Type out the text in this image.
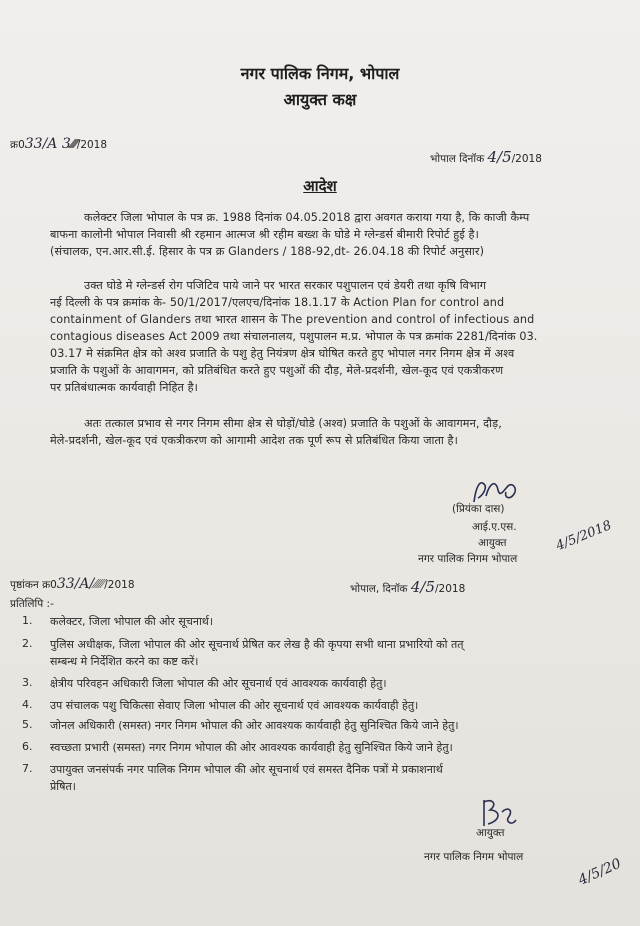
नगर पालिक निगम, भोपाल
आयुक्त कक्ष
क्र033/A 3⁄⁄⁄⁄⁄⁄/2018
भोपाल दिनॉक 4/5/2018
आदेश
कलेक्टर जिला भोपाल के पत्र क्र. 1988 दिनांक 04.05.2018 द्वारा अवगत कराया गया है, कि काजी कैम्प
बाफना कालोनी भोपाल निवासी श्री रहमान आत्मज श्री रहीम बख्श के घोडे मे ग्लेन्डर्स बीमारी रिपोर्ट हुई है।
(संचालक, एन.आर.सी.ई. हिसार के पत्र क्र Glanders / 188-92,dt- 26.04.18 की रिपोर्ट अनुसार)
उक्त घोडे मे ग्लेन्डर्स रोग पजिटिव पाये जाने पर भारत सरकार पशुपालन एवं डेयरी तथा कृषि विभाग
नई दिल्ली के पत्र क्रमांक के- 50/1/2017/एलएच/दिनांक 18.1.17 के Action Plan for control and
containment of Glanders तथा भारत शासन के The prevention and control of infectious and
contagious diseases Act 2009 तथा संचालनालय, पशुपालन म.प्र. भोपाल के पत्र क्रमांक 2281/दिनांक 03.
03.17 मे संक्रमित क्षेत्र को अश्व प्रजाति के पशु हेतु नियंत्रण क्षेत्र घोषित करते हुए भोपाल नगर निगम क्षेत्र में अश्व
प्रजाति के पशुओं के आवागमन, को प्रतिबंधित करते हुए पशुओं की दौड़, मेले-प्रदर्शनी, खेल-कूद एवं एकत्रीकरण
पर प्रतिबंधात्मक कार्यवाही निहित है।
अतः तत्काल प्रभाव से नगर निगम सीमा क्षेत्र से घोड़ों/घोडे (अश्व) प्रजाति के पशुओं के आवागमन, दौड़,
मेले-प्रदर्शनी, खेल-कूद एवं एकत्रीकरण को आगामी आदेश तक पूर्ण रूप से प्रतिबंधित किया जाता है।
(प्रियंका दास)
आई.ए.एस.
आयुक्त
नगर पालिक निगम भोपाल
4/5/2018
पृष्ठांकन क्र033/A/⁄⁄⁄⁄⁄/2018	भोपाल, दिनॉक 4/5/2018
प्रतिलिपि :-
1. कलेक्टर, जिला भोपाल की ओर सूचनार्थ।
2. पुलिस अधीक्षक, जिला भोपाल की ओर सूचनार्थ प्रेषित कर लेख है की कृपया सभी थाना प्रभारियो को तत्
सम्बन्ध मे निर्देशित करने का कष्ट करें।
3. क्षेत्रीय परिवहन अधिकारी जिला भोपाल की ओर सूचनार्थ एवं आवश्यक कार्यवाही हेतु।
4. उप संचालक पशु चिकित्सा सेवाए जिला भोपाल की ओर सूचनार्थ एवं आवश्यक कार्यवाही हेतु।
5. जोनल अधिकारी (समस्त) नगर निगम भोपाल की ओर आवश्यक कार्यवाही हेतु सुनिश्चित किये जाने हेतु।
6. स्वच्छता प्रभारी (समस्त) नगर निगम भोपाल की ओर आवश्यक कार्यवाही हेतु सुनिश्चित किये जाने हेतु।
7. उपायुक्त जनसंपर्क नगर पालिक निगम भोपाल की ओर सूचनार्थ एवं समस्त दैनिक पत्रों मे प्रकाशनार्थ
प्रेषित।
आयुक्त
नगर पालिक निगम भोपाल	4/5/20
